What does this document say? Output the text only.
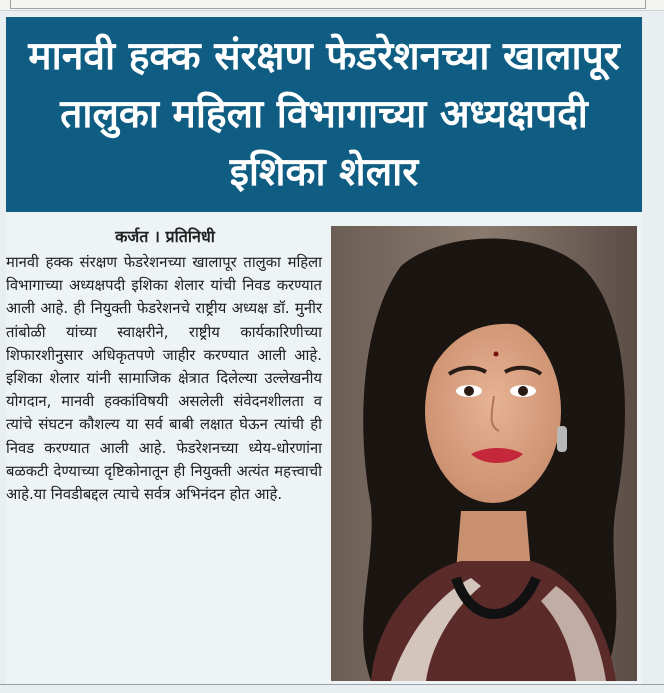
मानवी हक्क संरक्षण फेडरेशनच्या खालापूर तालुका महिला विभागाच्या अध्यक्षपदी इशिका शेलार
कर्जत । प्रतिनिधी

मानवी हक्क संरक्षण फेडरेशनच्या खालापूर तालुका महिला विभागाच्या अध्यक्षपदी इशिका शेलार यांची निवड करण्यात आली आहे. ही नियुक्ती फेडरेशनचे राष्ट्रीय अध्यक्ष डॉ. मुनीर तांबोळी यांच्या स्वाक्षरीने, राष्ट्रीय कार्यकारिणीच्या शिफारशीनुसार अधिकृतपणे जाहीर करण्यात आली आहे. इशिका शेलार यांनी सामाजिक क्षेत्रात दिलेल्या उल्लेखनीय योगदान, मानवी हक्कांविषयी असलेली संवेदनशीलता व त्यांचे संघटन कौशल्य या सर्व बाबी लक्षात घेऊन त्यांची ही निवड करण्यात आली आहे. फेडरेशनच्या ध्येय-धोरणांना बळकटी देण्याच्या दृष्टिकोनातून ही नियुक्ती अत्यंत महत्त्वाची आहे.या निवडीबद्दल त्याचे सर्वत्र अभिनंदन होत आहे.
